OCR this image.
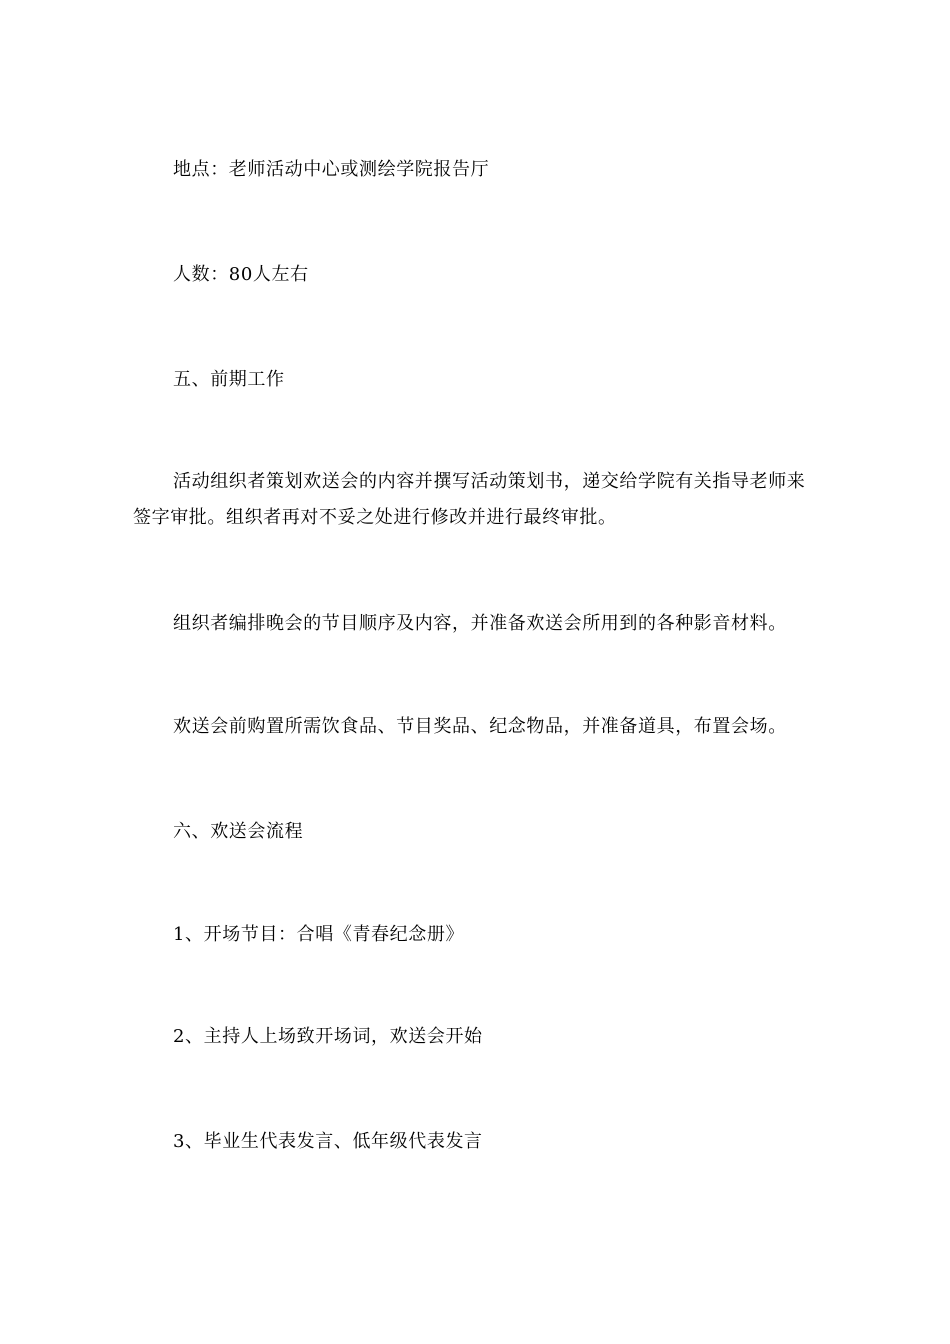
地点：老师活动中心或测绘学院报告厅

人数：80人左右

五、前期工作

活动组织者策划欢送会的内容并撰写活动策划书，递交给学院有关指导老师来签字审批。组织者再对不妥之处进行修改并进行最终审批。

组织者编排晚会的节目顺序及内容，并准备欢送会所用到的各种影音材料。

欢送会前购置所需饮食品、节目奖品、纪念物品，并准备道具，布置会场。

六、欢送会流程

1、开场节目：合唱《青春纪念册》

2、主持人上场致开场词，欢送会开始

3、毕业生代表发言、低年级代表发言
